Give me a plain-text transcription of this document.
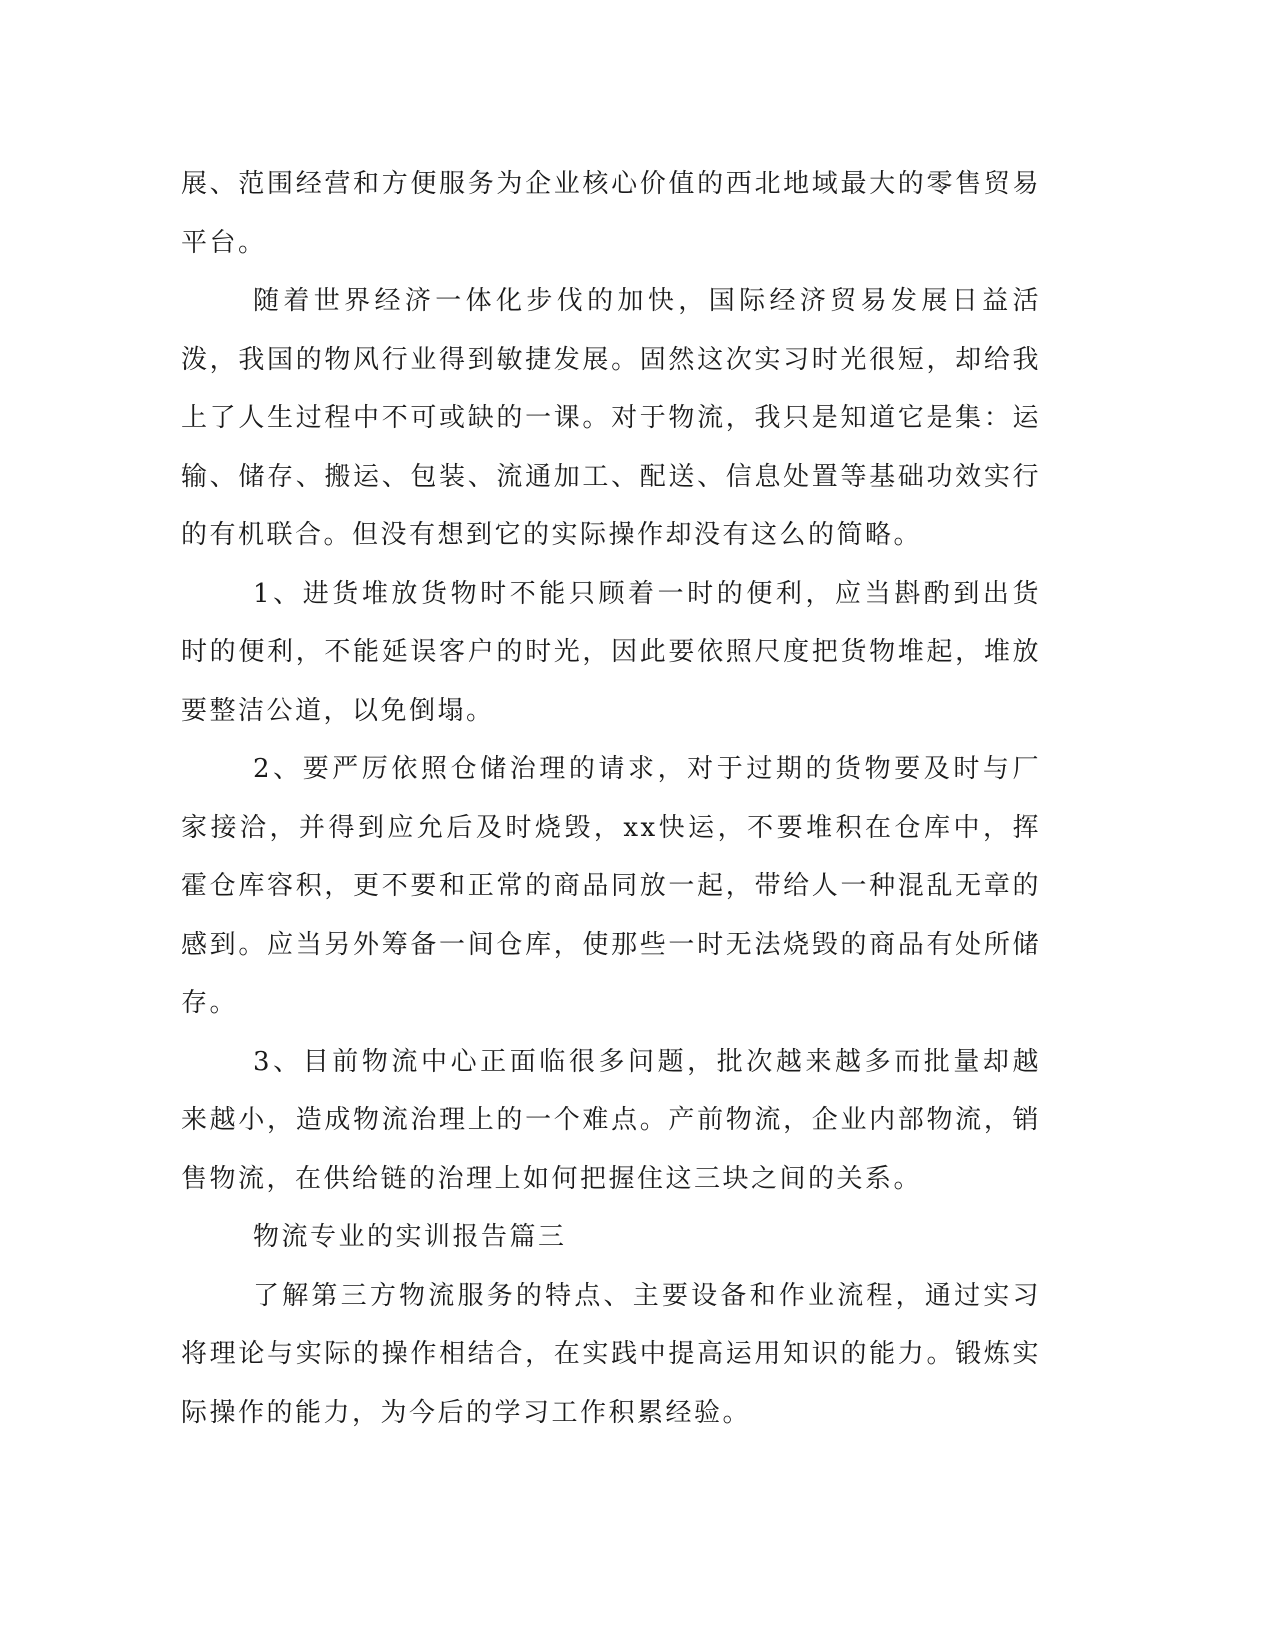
展、范围经营和方便服务为企业核心价值的西北地域最大的零售贸易平台。

随着世界经济一体化步伐的加快，国际经济贸易发展日益活泼，我国的物风行业得到敏捷发展。固然这次实习时光很短，却给我上了人生过程中不可或缺的一课。对于物流，我只是知道它是集：运输、储存、搬运、包装、流通加工、配送、信息处置等基础功效实行的有机联合。但没有想到它的实际操作却没有这么的简略。

1、进货堆放货物时不能只顾着一时的便利，应当斟酌到出货时的便利，不能延误客户的时光，因此要依照尺度把货物堆起，堆放要整洁公道，以免倒塌。

2、要严厉依照仓储治理的请求，对于过期的货物要及时与厂家接洽，并得到应允后及时烧毁，xx快运，不要堆积在仓库中，挥霍仓库容积，更不要和正常的商品同放一起，带给人一种混乱无章的感到。应当另外筹备一间仓库，使那些一时无法烧毁的商品有处所储存。

3、目前物流中心正面临很多问题，批次越来越多而批量却越来越小，造成物流治理上的一个难点。产前物流，企业内部物流，销售物流，在供给链的治理上如何把握住这三块之间的关系。

物流专业的实训报告篇三

了解第三方物流服务的特点、主要设备和作业流程，通过实习将理论与实际的操作相结合，在实践中提高运用知识的能力。锻炼实际操作的能力，为今后的学习工作积累经验。
